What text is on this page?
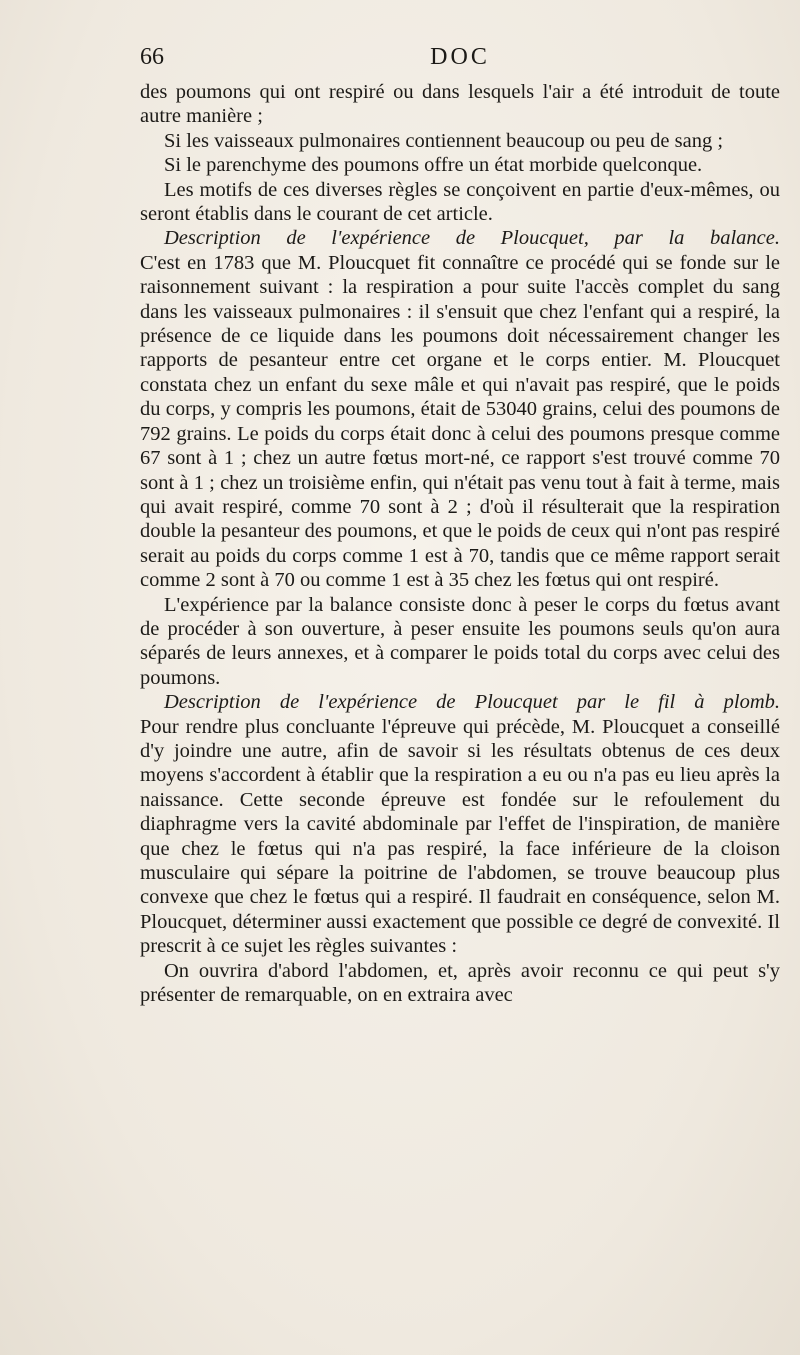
66	DOC

des poumons qui ont respiré ou dans lesquels l'air a été introduit de toute autre manière ;

Si les vaisseaux pulmonaires contiennent beaucoup ou peu de sang ;

Si le parenchyme des poumons offre un état morbide quelconque.

Les motifs de ces diverses règles se conçoivent en partie d'eux-mêmes, ou seront établis dans le courant de cet article.

Description de l'expérience de Ploucquet, par la balance.

C'est en 1783 que M. Ploucquet fit connaître ce procédé qui se fonde sur le raisonnement suivant : la respiration a pour suite l'accès complet du sang dans les vaisseaux pulmonaires : il s'ensuit que chez l'enfant qui a respiré, la présence de ce liquide dans les poumons doit nécessairement changer les rapports de pesanteur entre cet organe et le corps entier. M. Ploucquet constata chez un enfant du sexe mâle et qui n'avait pas respiré, que le poids du corps, y compris les poumons, était de 53040 grains, celui des poumons de 792 grains. Le poids du corps était donc à celui des poumons presque comme 67 sont à 1 ; chez un autre fœtus mort-né, ce rapport s'est trouvé comme 70 sont à 1 ; chez un troisième enfin, qui n'était pas venu tout à fait à terme, mais qui avait respiré, comme 70 sont à 2 ; d'où il résulterait que la respiration double la pesanteur des poumons, et que le poids de ceux qui n'ont pas respiré serait au poids du corps comme 1 est à 70, tandis que ce même rapport serait comme 2 sont à 70 ou comme 1 est à 35 chez les fœtus qui ont respiré.

L'expérience par la balance consiste donc à peser le corps du fœtus avant de procéder à son ouverture, à peser ensuite les poumons seuls qu'on aura séparés de leurs annexes, et à comparer le poids total du corps avec celui des poumons.

Description de l'expérience de Ploucquet par le fil à plomb.

Pour rendre plus concluante l'épreuve qui précède, M. Ploucquet a conseillé d'y joindre une autre, afin de savoir si les résultats obtenus de ces deux moyens s'accordent à établir que la respiration a eu ou n'a pas eu lieu après la naissance. Cette seconde épreuve est fondée sur le refoulement du diaphragme vers la cavité abdominale par l'effet de l'inspiration, de manière que chez le fœtus qui n'a pas respiré, la face inférieure de la cloison musculaire qui sépare la poitrine de l'abdomen, se trouve beaucoup plus convexe que chez le fœtus qui a respiré. Il faudrait en conséquence, selon M. Ploucquet, déterminer aussi exactement que possible ce degré de convexité. Il prescrit à ce sujet les règles suivantes :

On ouvrira d'abord l'abdomen, et, après avoir reconnu ce qui peut s'y présenter de remarquable, on en extraira avec
